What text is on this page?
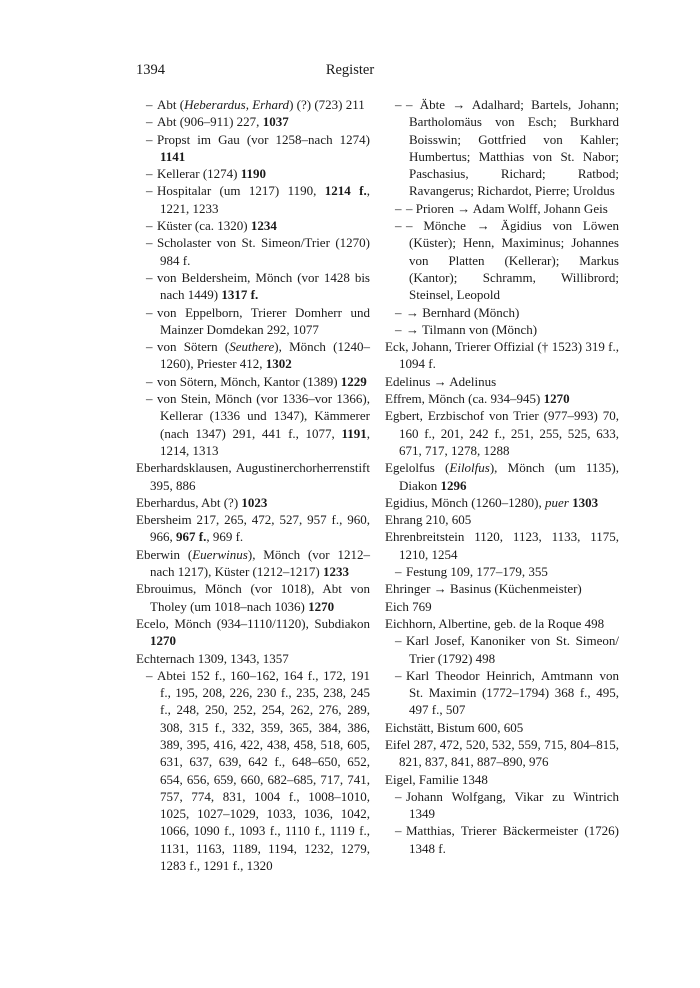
1394	Register
– Abt (Heberardus, Erhard) (?) (723) 211
– Abt (906–911) 227, 1037
– Propst im Gau (vor 1258–nach 1274) 1141
– Kellerar (1274) 1190
– Hospitalar (um 1217) 1190, 1214 f., 1221, 1233
– Küster (ca. 1320) 1234
– Scholaster von St. Simeon/Trier (1270) 984 f.
– von Beldersheim, Mönch (vor 1428 bis nach 1449) 1317 f.
– von Eppelborn, Trierer Domherr und Mainzer Domdekan 292, 1077
– von Sötern (Seuthere), Mönch (1240–1260), Priester 412, 1302
– von Sötern, Mönch, Kantor (1389) 1229
– von Stein, Mönch (vor 1336–vor 1366), Kellerar (1336 und 1347), Kämmerer (nach 1347) 291, 441 f., 1077, 1191, 1214, 1313
Eberhardsklausen, Augustinerchorherrenstift 395, 886
Eberhardus, Abt (?) 1023
Ebersheim 217, 265, 472, 527, 957 f., 960, 966, 967 f., 969 f.
Eberwin (Euerwinus), Mönch (vor 1212–nach 1217), Küster (1212–1217) 1233
Ebrouimus, Mönch (vor 1018), Abt von Tholey (um 1018–nach 1036) 1270
Ecelo, Mönch (934–1110/1120), Subdiakon 1270
Echternach 1309, 1343, 1357
– Abtei 152 f., 160–162, 164 f., 172, 191 f., 195, 208, 226, 230 f., 235, 238, 245 f., 248, 250, 252, 254, 262, 276, 289, 308, 315 f., 332, 359, 365, 384, 386, 389, 395, 416, 422, 438, 458, 518, 605, 631, 637, 639, 642 f., 648–650, 652, 654, 656, 659, 660, 682–685, 717, 741, 757, 774, 831, 1004 f., 1008–1010, 1025, 1027–1029, 1033, 1036, 1042, 1066, 1090 f., 1093 f., 1110 f., 1119 f., 1131, 1163, 1189, 1194, 1232, 1279, 1283 f., 1291 f., 1320
– – Äbte → Adalhard; Bartels, Johann; Bartholomäus von Esch; Burkhard Boisswin; Gottfried von Kahler; Humbertus; Matthias von St. Nabor; Paschasius, Richard; Ratbod; Ravangerus; Richardot, Pierre; Uroldus
– – Prioren → Adam Wolff, Johann Geis
– – Mönche → Ägidius von Löwen (Küster); Henn, Maximinus; Johannes von Platten (Kellerar); Markus (Kantor); Schramm, Willibrord; Steinsel, Leopold
– → Bernhard (Mönch)
– → Tilmann von (Mönch)
Eck, Johann, Trierer Offizial († 1523) 319 f., 1094 f.
Edelinus → Adelinus
Effrem, Mönch (ca. 934–945) 1270
Egbert, Erzbischof von Trier (977–993) 70, 160 f., 201, 242 f., 251, 255, 525, 633, 671, 717, 1278, 1288
Egelolfus (Eilolfus), Mönch (um 1135), Diakon 1296
Egidius, Mönch (1260–1280), puer 1303
Ehrang 210, 605
Ehrenbreitstein 1120, 1123, 1133, 1175, 1210, 1254
– Festung 109, 177–179, 355
Ehringer → Basinus (Küchenmeister)
Eich 769
Eichhorn, Albertine, geb. de la Roque 498
– Karl Josef, Kanoniker von St. Simeon/ Trier (1792) 498
– Karl Theodor Heinrich, Amtmann von St. Maximin (1772–1794) 368 f., 495, 497 f., 507
Eichstätt, Bistum 600, 605
Eifel 287, 472, 520, 532, 559, 715, 804–815, 821, 837, 841, 887–890, 976
Eigel, Familie 1348
– Johann Wolfgang, Vikar zu Wintrich 1349
– Matthias, Trierer Bäckermeister (1726) 1348 f.
